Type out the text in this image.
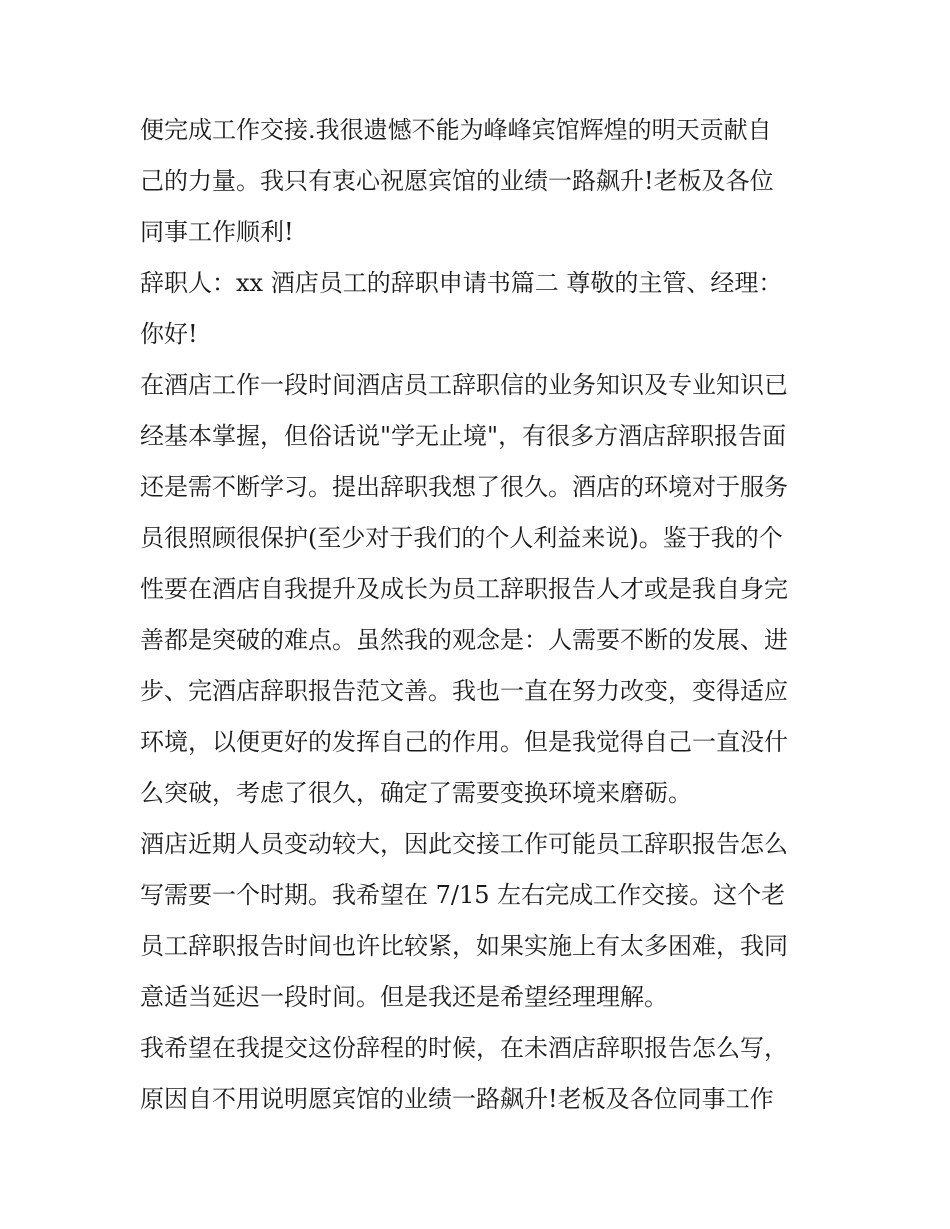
便完成工作交接.我很遗憾不能为峰峰宾馆辉煌的明天贡献自
己的力量。我只有衷心祝愿宾馆的业绩一路飙升!老板及各位
同事工作顺利!
辞职人：xx 酒店员工的辞职申请书篇二 尊敬的主管、经理：
你好!
在酒店工作一段时间酒店员工辞职信的业务知识及专业知识已
经基本掌握，但俗话说"学无止境"，有很多方酒店辞职报告面
还是需不断学习。提出辞职我想了很久。酒店的环境对于服务
员很照顾很保护(至少对于我们的个人利益来说)。鉴于我的个
性要在酒店自我提升及成长为员工辞职报告人才或是我自身完
善都是突破的难点。虽然我的观念是：人需要不断的发展、进
步、完酒店辞职报告范文善。我也一直在努力改变，变得适应
环境，以便更好的发挥自己的作用。但是我觉得自己一直没什
么突破，考虑了很久，确定了需要变换环境来磨砺。
酒店近期人员变动较大，因此交接工作可能员工辞职报告怎么
写需要一个时期。我希望在 7/15 左右完成工作交接。这个老
员工辞职报告时间也许比较紧，如果实施上有太多困难，我同
意适当延迟一段时间。但是我还是希望经理理解。
我希望在我提交这份辞程的时候，在未酒店辞职报告怎么写，
原因自不用说明愿宾馆的业绩一路飙升!老板及各位同事工作
